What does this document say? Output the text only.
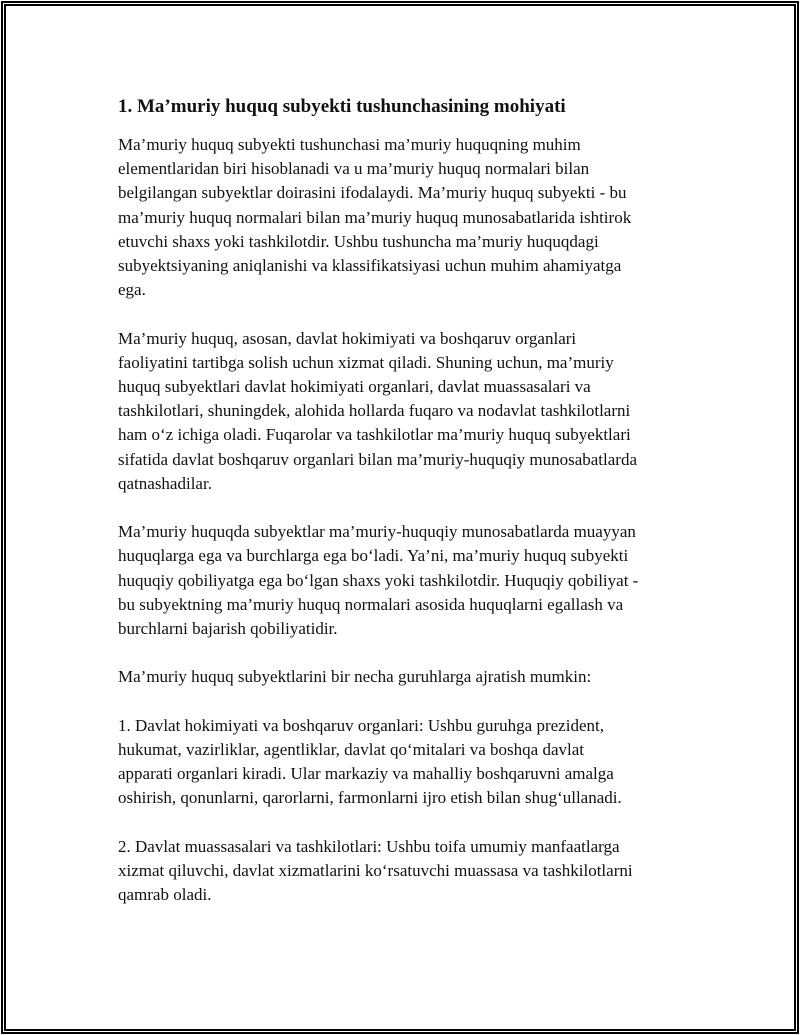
1. Ma’muriy huquq subyekti tushunchasining mohiyati

Ma’muriy huquq subyekti tushunchasi ma’muriy huquqning muhim
elementlaridan biri hisoblanadi va u ma’muriy huquq normalari bilan
belgilangan subyektlar doirasini ifodalaydi. Ma’muriy huquq subyekti - bu
ma’muriy huquq normalari bilan ma’muriy huquq munosabatlarida ishtirok
etuvchi shaxs yoki tashkilotdir. Ushbu tushuncha ma’muriy huquqdagi
subyektsiyaning aniqlanishi va klassifikatsiyasi uchun muhim ahamiyatga
ega.

Ma’muriy huquq, asosan, davlat hokimiyati va boshqaruv organlari
faoliyatini tartibga solish uchun xizmat qiladi. Shuning uchun, ma’muriy
huquq subyektlari davlat hokimiyati organlari, davlat muassasalari va
tashkilotlari, shuningdek, alohida hollarda fuqaro va nodavlat tashkilotlarni
ham o‘z ichiga oladi. Fuqarolar va tashkilotlar ma’muriy huquq subyektlari
sifatida davlat boshqaruv organlari bilan ma’muriy-huquqiy munosabatlarda
qatnashadilar.

Ma’muriy huquqda subyektlar ma’muriy-huquqiy munosabatlarda muayyan
huquqlarga ega va burchlarga ega bo‘ladi. Ya’ni, ma’muriy huquq subyekti
huquqiy qobiliyatga ega bo‘lgan shaxs yoki tashkilotdir. Huquqiy qobiliyat -
bu subyektning ma’muriy huquq normalari asosida huquqlarni egallash va
burchlarni bajarish qobiliyatidir.

Ma’muriy huquq subyektlarini bir necha guruhlarga ajratish mumkin:

1. Davlat hokimiyati va boshqaruv organlari: Ushbu guruhga prezident,
hukumat, vazirliklar, agentliklar, davlat qo‘mitalari va boshqa davlat
apparati organlari kiradi. Ular markaziy va mahalliy boshqaruvni amalga
oshirish, qonunlarni, qarorlarni, farmonlarni ijro etish bilan shug‘ullanadi.

2. Davlat muassasalari va tashkilotlari: Ushbu toifa umumiy manfaatlarga
xizmat qiluvchi, davlat xizmatlarini ko‘rsatuvchi muassasa va tashkilotlarni
qamrab oladi.
